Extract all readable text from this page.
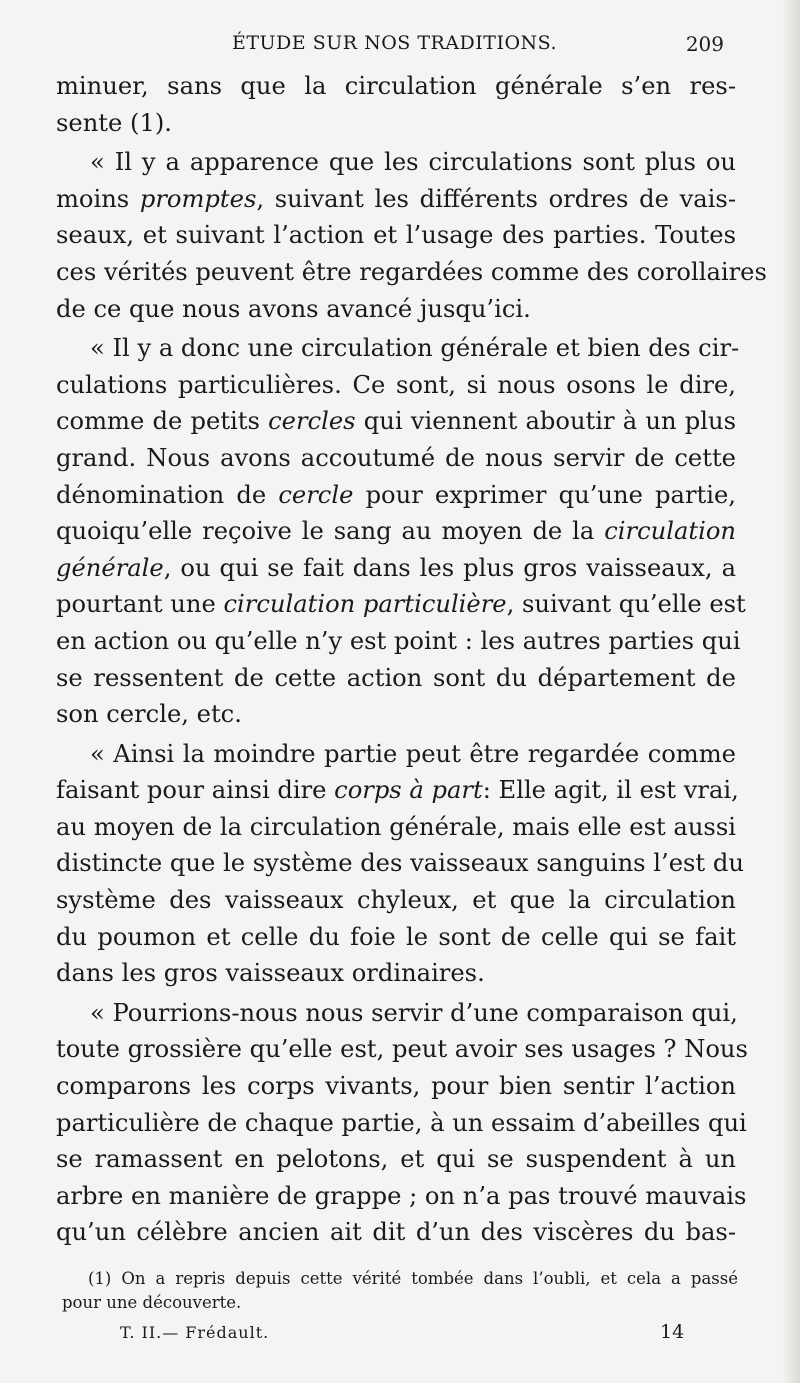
ÉTUDE SUR NOS TRADITIONS.	209
minuer, sans que la circulation générale s’en res-
sente (1).
« Il y a apparence que les circulations sont plus ou
moins promptes, suivant les différents ordres de vais-
seaux, et suivant l’action et l’usage des parties. Toutes
ces vérités peuvent être regardées comme des corollaires
de ce que nous avons avancé jusqu’ici.
« Il y a donc une circulation générale et bien des cir-
culations particulières. Ce sont, si nous osons le dire,
comme de petits cercles qui viennent aboutir à un plus
grand. Nous avons accoutumé de nous servir de cette
dénomination de cercle pour exprimer qu’une partie,
quoiqu’elle reçoive le sang au moyen de la circulation
générale, ou qui se fait dans les plus gros vaisseaux, a
pourtant une circulation particulière, suivant qu’elle est
en action ou qu’elle n’y est point : les autres parties qui
se ressentent de cette action sont du département de
son cercle, etc.
« Ainsi la moindre partie peut être regardée comme
faisant pour ainsi dire corps à part: Elle agit, il est vrai,
au moyen de la circulation générale, mais elle est aussi
distincte que le système des vaisseaux sanguins l’est du
système des vaisseaux chyleux, et que la circulation
du poumon et celle du foie le sont de celle qui se fait
dans les gros vaisseaux ordinaires.
« Pourrions-nous nous servir d’une comparaison qui,
toute grossière qu’elle est, peut avoir ses usages ? Nous
comparons les corps vivants, pour bien sentir l’action
particulière de chaque partie, à un essaim d’abeilles qui
se ramassent en pelotons, et qui se suspendent à un
arbre en manière de grappe ; on n’a pas trouvé mauvais
qu’un célèbre ancien ait dit d’un des viscères du bas-
(1) On a repris depuis cette vérité tombée dans l’oubli, et cela a passé
pour une découverte.
T. II.— Frédault.	14
